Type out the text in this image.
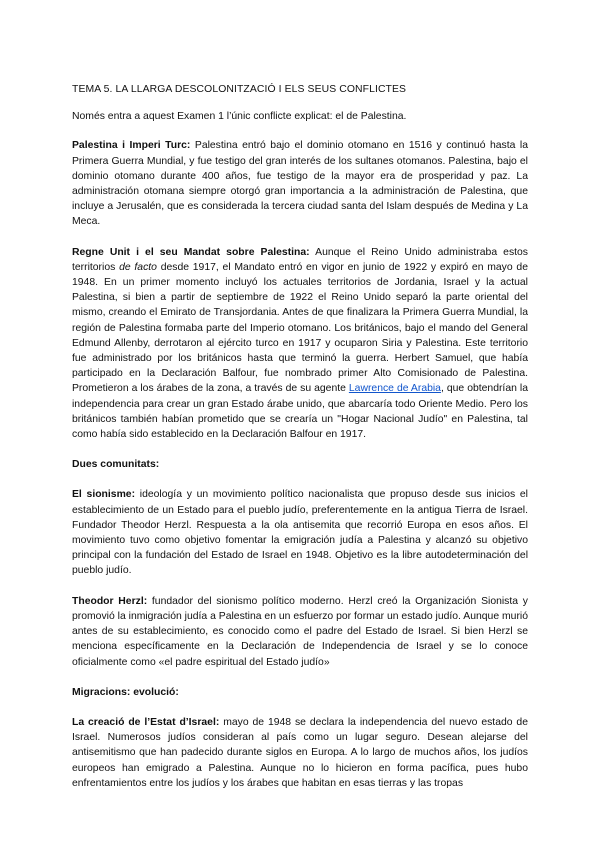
TEMA 5. LA LLARGA DESCOLONITZACIÓ I ELS SEUS CONFLICTES
Només entra a aquest Examen 1 l’únic conflicte explicat: el de Palestina.

Palestina i Imperi Turc: Palestina entró bajo el dominio otomano en 1516 y continuó hasta la Primera Guerra Mundial, y fue testigo del gran interés de los sultanes otomanos. Palestina, bajo el dominio otomano durante 400 años, fue testigo de la mayor era de prosperidad y paz. La administración otomana siempre otorgó gran importancia a la administración de Palestina, que incluye a Jerusalén, que es considerada la tercera ciudad santa del Islam después de Medina y La Meca.

Regne Unit i el seu Mandat sobre Palestina: Aunque el Reino Unido administraba estos territorios de facto desde 1917, el Mandato entró en vigor en junio de 1922 y expiró en mayo de 1948. En un primer momento incluyó los actuales territorios de Jordania, Israel y la actual Palestina, si bien a partir de septiembre de 1922 el Reino Unido separó la parte oriental del mismo, creando el Emirato de Transjordania. Antes de que finalizara la Primera Guerra Mundial, la región de Palestina formaba parte del Imperio otomano. Los británicos, bajo el mando del General Edmund Allenby, derrotaron al ejército turco en 1917 y ocuparon Siria y Palestina. Este territorio fue administrado por los británicos hasta que terminó la guerra. Herbert Samuel, que había participado en la Declaración Balfour, fue nombrado primer Alto Comisionado de Palestina. Prometieron a los árabes de la zona, a través de su agente Lawrence de Arabia, que obtendrían la independencia para crear un gran Estado árabe unido, que abarcaría todo Oriente Medio. Pero los británicos también habían prometido que se crearía un "Hogar Nacional Judío" en Palestina, tal como había sido establecido en la Declaración Balfour en 1917.

Dues comunitats:

El sionisme: ideología y un movimiento político nacionalista que propuso desde sus inicios el establecimiento de un Estado para el pueblo judío, preferentemente en la antigua Tierra de Israel. Fundador Theodor Herzl. Respuesta a la ola antisemita que recorrió Europa en esos años. El movimiento tuvo como objetivo fomentar la emigración judía a Palestina y alcanzó su objetivo principal con la fundación del Estado de Israel en 1948. Objetivo es la libre autodeterminación del pueblo judío.

Theodor Herzl: fundador del sionismo político moderno. Herzl creó la Organización Sionista y promovió la inmigración judía a Palestina en un esfuerzo por formar un estado judío. Aunque murió antes de su establecimiento, es conocido como el padre del Estado de Israel. Si bien Herzl se menciona específicamente en la Declaración de Independencia de Israel y se lo conoce oficialmente como «el padre espiritual del Estado judío»

Migracions: evolució:

La creació de l’Estat d’Israel: mayo de 1948 se declara la independencia del nuevo estado de Israel. Numerosos judíos consideran al país como un lugar seguro. Desean alejarse del antisemitismo que han padecido durante siglos en Europa. A lo largo de muchos años, los judíos europeos han emigrado a Palestina. Aunque no lo hicieron en forma pacífica, pues hubo enfrentamientos entre los judíos y los árabes que habitan en esas tierras y las tropas
